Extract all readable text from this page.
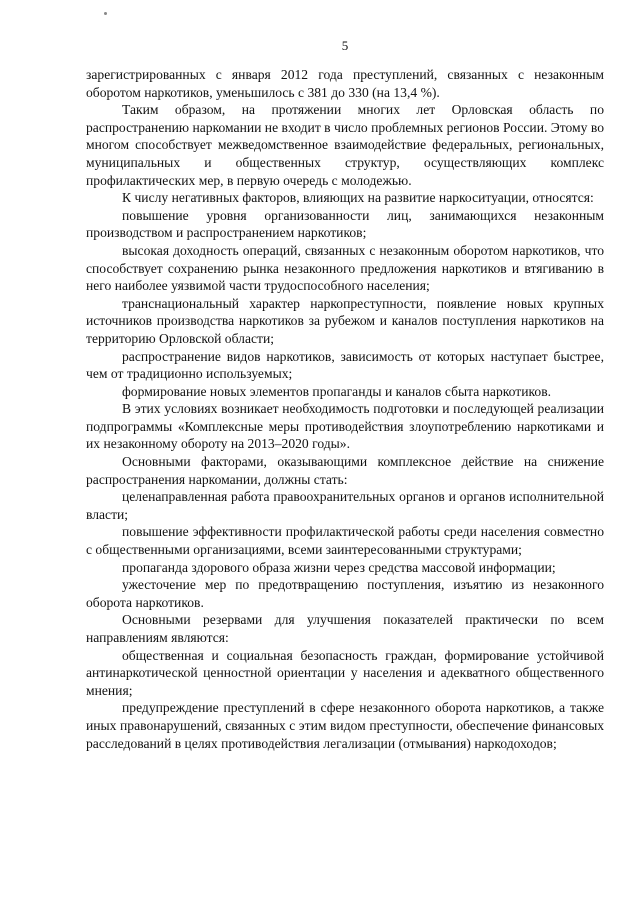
5

зарегистрированных с января 2012 года преступлений, связанных с незаконным оборотом наркотиков, уменьшилось с 381 до 330 (на 13,4 %).

Таким образом, на протяжении многих лет Орловская область по распространению наркомании не входит в число проблемных регионов России. Этому во многом способствует межведомственное взаимодействие федеральных, региональных, муниципальных и общественных структур, осуществляющих комплекс профилактических мер, в первую очередь с молодежью.

К числу негативных факторов, влияющих на развитие наркоситуации, относятся:

повышение уровня организованности лиц, занимающихся незаконным производством и распространением наркотиков;

высокая доходность операций, связанных с незаконным оборотом наркотиков, что способствует сохранению рынка незаконного предложения наркотиков и втягиванию в него наиболее уязвимой части трудоспособного населения;

транснациональный характер наркопреступности, появление новых крупных источников производства наркотиков за рубежом и каналов поступления наркотиков на территорию Орловской области;

распространение видов наркотиков, зависимость от которых наступает быстрее, чем от традиционно используемых;

формирование новых элементов пропаганды и каналов сбыта наркотиков.

В этих условиях возникает необходимость подготовки и последующей реализации подпрограммы «Комплексные меры противодействия злоупотреблению наркотиками и их незаконному обороту на 2013–2020 годы».

Основными факторами, оказывающими комплексное действие на снижение распространения наркомании, должны стать:

целенаправленная работа правоохранительных органов и органов исполнительной власти;

повышение эффективности профилактической работы среди населения совместно с общественными организациями, всеми заинтересованными структурами;

пропаганда здорового образа жизни через средства массовой информации;

ужесточение мер по предотвращению поступления, изъятию из незаконного оборота наркотиков.

Основными резервами для улучшения показателей практически по всем направлениям являются:

общественная и социальная безопасность граждан, формирование устойчивой антинаркотической ценностной ориентации у населения и адекватного общественного мнения;

предупреждение преступлений в сфере незаконного оборота наркотиков, а также иных правонарушений, связанных с этим видом преступности, обеспечение финансовых расследований в целях противодействия легализации (отмывания) наркодоходов;
